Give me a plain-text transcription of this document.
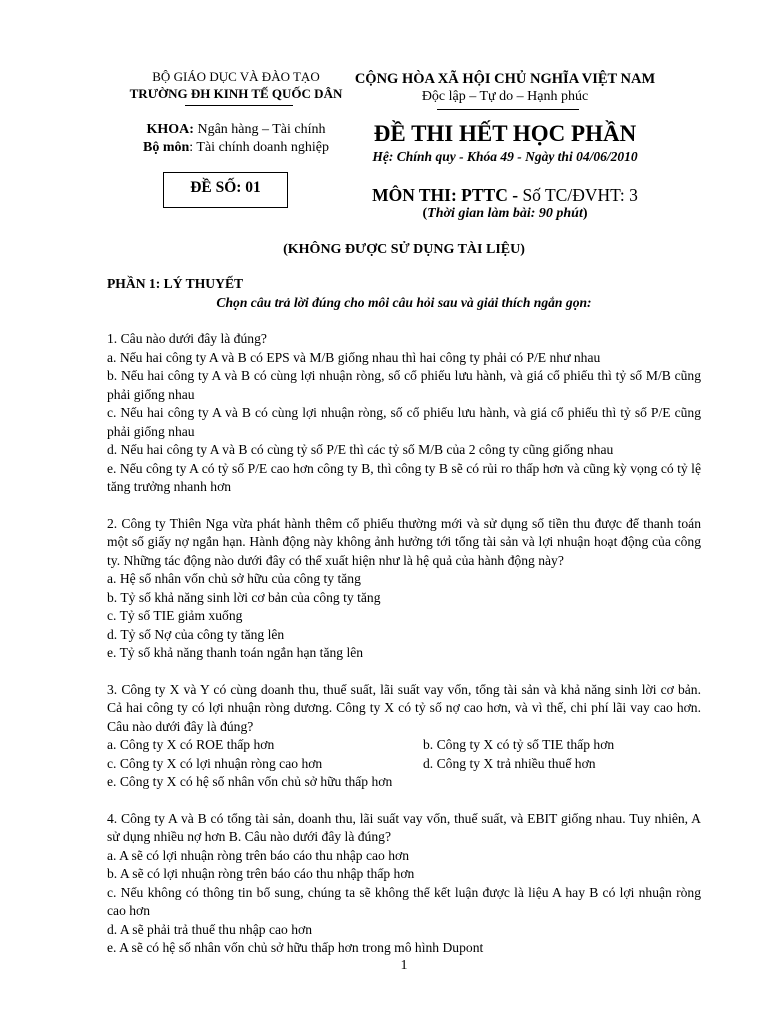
BỘ GIÁO DỤC VÀ ĐÀO TẠO
TRƯỜNG ĐH KINH TẾ QUỐC DÂN
KHOA: Ngân hàng – Tài chính
Bộ môn: Tài chính doanh nghiệp
ĐỀ SỐ: 01
CỘNG HÒA XÃ HỘI CHỦ NGHĨA VIỆT NAM
Độc lập – Tự do – Hạnh phúc
ĐỀ THI HẾT HỌC PHẦN
Hệ: Chính quy - Khóa 49 - Ngày thi 04/06/2010
MÔN THI: PTTC - Số TC/ĐVHT: 3
(Thời gian làm bài: 90 phút)
(KHÔNG ĐƯỢC SỬ DỤNG TÀI LIỆU)

PHẦN 1: LÝ THUYẾT

Chọn câu trả lời đúng cho môi câu hỏi sau và giải thích ngắn gọn:

1. Câu nào dưới đây là đúng?

a. Nếu hai công ty A và B có EPS và M/B giống nhau thì hai công ty phải có P/E như nhau

b. Nếu hai công ty A và B có cùng lợi nhuận ròng, số cổ phiếu lưu hành, và giá cổ phiếu thì tỷ số M/B cũng phải giống nhau

c. Nếu hai công ty A và B có cùng lợi nhuận ròng, số cổ phiếu lưu hành, và giá cổ phiếu thì tỷ số P/E cũng phải giống nhau

d. Nếu hai công ty A và B có cùng tỷ số P/E thì các tỷ số M/B của 2 công ty cũng giống nhau

e. Nếu công ty A có tỷ số P/E cao hơn công ty B, thì công ty B sẽ có rủi ro thấp hơn và cũng kỳ vọng có tỷ lệ tăng trưởng nhanh hơn

2. Công ty Thiên Nga vừa phát hành thêm cổ phiếu thường mới và sử dụng số tiền thu được để thanh toán một số giấy nợ ngắn hạn. Hành động này không ảnh hưởng tới tổng tài sản và lợi nhuận hoạt động của công ty. Những tác động nào dưới đây có thể xuất hiện như là hệ quả của hành động này?

a. Hệ số nhân vốn chủ sở hữu của công ty tăng

b. Tỷ số khả năng sinh lời cơ bản của công ty tăng

c. Tỷ số TIE giảm xuống

d. Tỷ số Nợ của công ty tăng lên

e. Tỷ số khả năng thanh toán ngắn hạn tăng lên

3. Công ty X và Y có cùng doanh thu, thuế suất, lãi suất vay vốn, tổng tài sản và khả năng sinh lời cơ bản. Cả hai công ty có lợi nhuận ròng dương. Công ty X có tỷ số nợ cao hơn, và vì thế, chi phí lãi vay cao hơn. Câu nào dưới đây là đúng?

a. Công ty X có ROE thấp hơn	b. Công ty X có tỷ số TIE thấp hơn
c. Công ty X có lợi nhuận ròng cao hơn	d. Công ty X trả nhiều thuế hơn

e. Công ty X có hệ số nhân vốn chủ sở hữu thấp hơn

4. Công ty A và B có tổng tài sản, doanh thu, lãi suất vay vốn, thuế suất, và EBIT giống nhau. Tuy nhiên, A sử dụng nhiều nợ hơn B. Câu nào dưới đây là đúng?

a. A sẽ có lợi nhuận ròng trên báo cáo thu nhập cao hơn

b. A sẽ có lợi nhuận ròng trên báo cáo thu nhập thấp hơn

c. Nếu không có thông tin bổ sung, chúng ta sẽ không thể kết luận được là liệu A hay B có lợi nhuận ròng cao hơn

d. A sẽ phải trả thuế thu nhập cao hơn

e. A sẽ có hệ số nhân vốn chủ sở hữu thấp hơn trong mô hình Dupont

1
